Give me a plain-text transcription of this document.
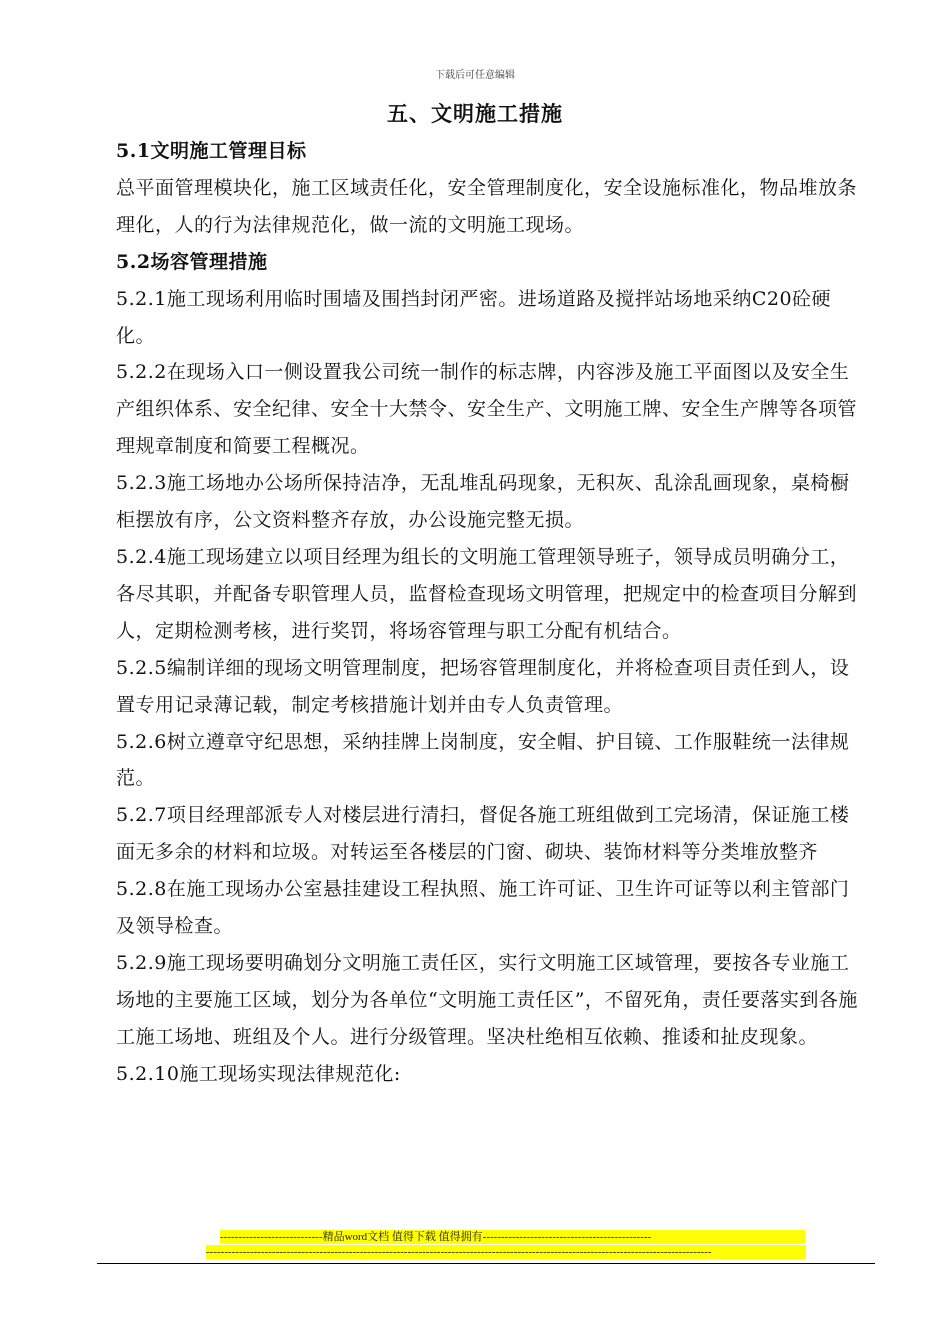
下载后可任意编辑
五、文明施工措施

5.1文明施工管理目标

总平面管理模块化，施工区域责任化，安全管理制度化，安全设施标准化，物品堆放条理化，人的行为法律规范化，做一流的文明施工现场。

5.2场容管理措施

5.2.1施工现场利用临时围墙及围挡封闭严密。进场道路及搅拌站场地采纳C20砼硬化。

5.2.2在现场入口一侧设置我公司统一制作的标志牌，内容涉及施工平面图以及安全生产组织体系、安全纪律、安全十大禁令、安全生产、文明施工牌、安全生产牌等各项管理规章制度和简要工程概况。

5.2.3施工场地办公场所保持洁净，无乱堆乱码现象，无积灰、乱涂乱画现象，桌椅橱柜摆放有序，公文资料整齐存放，办公设施完整无损。

5.2.4施工现场建立以项目经理为组长的文明施工管理领导班子，领导成员明确分工，各尽其职，并配备专职管理人员，监督检查现场文明管理，把规定中的检查项目分解到人，定期检测考核，进行奖罚，将场容管理与职工分配有机结合。

5.2.5编制详细的现场文明管理制度，把场容管理制度化，并将检查项目责任到人，设置专用记录薄记载，制定考核措施计划并由专人负责管理。

5.2.6树立遵章守纪思想，采纳挂牌上岗制度，安全帽、护目镜、工作服鞋统一法律规范。

5.2.7项目经理部派专人对楼层进行清扫，督促各施工班组做到工完场清，保证施工楼面无多余的材料和垃圾。对转运至各楼层的门窗、砌块、装饰材料等分类堆放整齐

5.2.8在施工现场办公室悬挂建设工程执照、施工许可证、卫生许可证等以利主管部门及领导检查。

5.2.9施工现场要明确划分文明施工责任区，实行文明施工区域管理，要按各专业施工场地的主要施工区域，划分为各单位“文明施工责任区”，不留死角，责任要落实到各施工施工场地、班组及个人。进行分级管理。坚决杜绝相互依赖、推诿和扯皮现象。

5.2.10施工现场实现法律规范化:

----------------------------精品word文档 值得下载 值得拥有----------------------------------------------
------------------------------------------------------------------------------------------------------------------------------------------
